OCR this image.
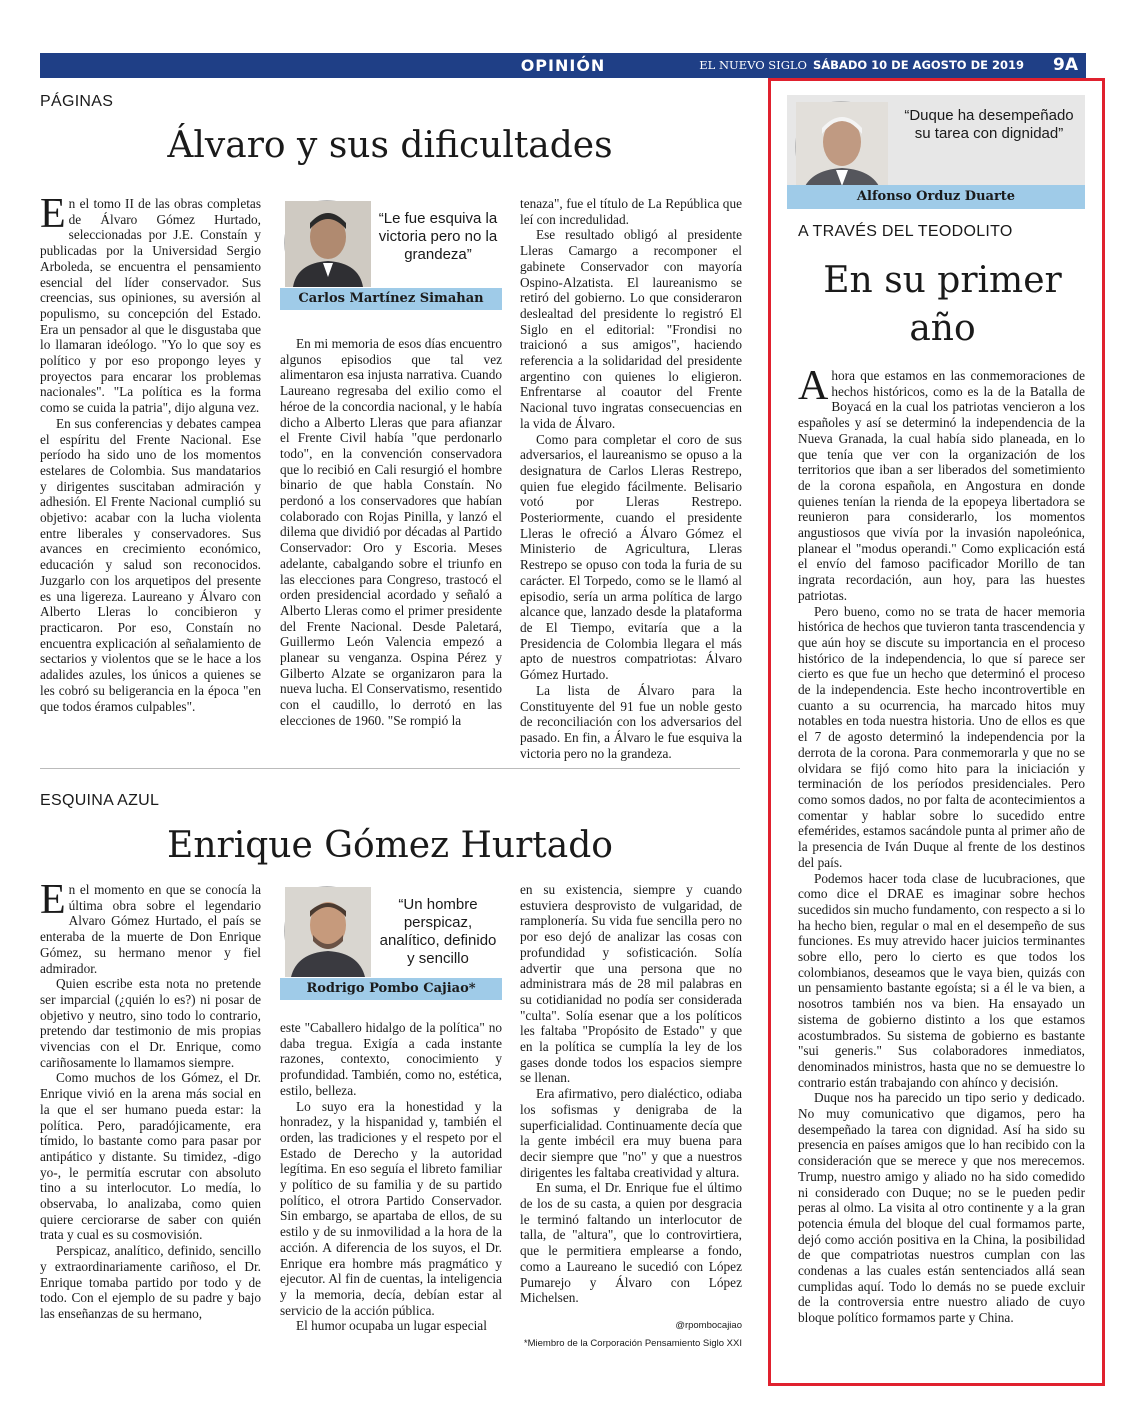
OPINIÓN	EL NUEVO SIGLO SÁBADO 10 DE AGOSTO DE 2019 9A
PÁGINAS
Álvaro y sus dificultades

En el tomo II de las obras completas de Álvaro Gómez Hurtado, seleccionadas por J.E. Constaín y publicadas por la Universidad Sergio Arboleda, se encuentra el pensamiento esencial del líder conservador. Sus creencias, sus opiniones, su aversión al populismo, su concepción del Estado. Era un pensador al que le disgustaba que lo llamaran ideólogo. "Yo lo que soy es político y por eso propongo leyes y proyectos para encarar los problemas nacionales". "La política es la forma como se cuida la patria", dijo alguna vez.

En sus conferencias y debates campea el espíritu del Frente Nacional. Ese período ha sido uno de los momentos estelares de Colombia. Sus mandatarios y dirigentes suscitaban admiración y adhesión. El Frente Nacional cumplió su objetivo: acabar con la lucha violenta entre liberales y conservadores. Sus avances en crecimiento económico, educación y salud son reconocidos. Juzgarlo con los arquetipos del presente es una ligereza. Laureano y Álvaro con Alberto Lleras lo concibieron y practicaron. Por eso, Constaín no encuentra explicación al señalamiento de sectarios y violentos que se le hace a los adalides azules, los únicos a quienes se les cobró su beligerancia en la época "en que todos éramos culpables".

“Le fue esquiva la victoria pero no la grandeza”
Carlos Martínez Simahan

En mi memoria de esos días encuentro algunos episodios que tal vez alimentaron esa injusta narrativa. Cuando Laureano regresaba del exilio como el héroe de la concordia nacional, y le había dicho a Alberto Lleras que para afianzar el Frente Civil había "que perdonarlo todo", en la convención conservadora que lo recibió en Cali resurgió el hombre binario de que habla Constaín. No perdonó a los conservadores que habían colaborado con Rojas Pinilla, y lanzó el dilema que dividió por décadas al Partido Conservador: Oro y Escoria. Meses adelante, cabalgando sobre el triunfo en las elecciones para Congreso, trastocó el orden presidencial acordado y señaló a Alberto Lleras como el primer presidente del Frente Nacional. Desde Paletará, Guillermo León Valencia empezó a planear su venganza. Ospina Pérez y Gilberto Alzate se organizaron para la nueva lucha. El Conservatismo, resentido con el caudillo, lo derrotó en las elecciones de 1960. "Se rompió la

tenaza", fue el título de La República que leí con incredulidad.

Ese resultado obligó al presidente Lleras Camargo a recomponer el gabinete Conservador con mayoría Ospino-Alzatista. El laureanismo se retiró del gobierno. Lo que consideraron deslealtad del presidente lo registró El Siglo en el editorial: "Frondisi no traicionó a sus amigos", haciendo referencia a la solidaridad del presidente argentino con quienes lo eligieron. Enfrentarse al coautor del Frente Nacional tuvo ingratas consecuencias en la vida de Álvaro.

Como para completar el coro de sus adversarios, el laureanismo se opuso a la designatura de Carlos Lleras Restrepo, quien fue elegido fácilmente. Belisario votó por Lleras Restrepo. Posteriormente, cuando el presidente Lleras le ofreció a Álvaro Gómez el Ministerio de Agricultura, Lleras Restrepo se opuso con toda la furia de su carácter. El Torpedo, como se le llamó al episodio, sería un arma política de largo alcance que, lanzado desde la plataforma de El Tiempo, evitaría que a la Presidencia de Colombia llegara el más apto de nuestros compatriotas: Álvaro Gómez Hurtado.

La lista de Álvaro para la Constituyente del 91 fue un noble gesto de reconciliación con los adversarios del pasado. En fin, a Álvaro le fue esquiva la victoria pero no la grandeza.

ESQUINA AZUL
Enrique Gómez Hurtado

En el momento en que se conocía la última obra sobre el legendario Alvaro Gómez Hurtado, el país se enteraba de la muerte de Don Enrique Gómez, su hermano menor y fiel admirador.

Quien escribe esta nota no pretende ser imparcial (¿quién lo es?) ni posar de objetivo y neutro, sino todo lo contrario, pretendo dar testimonio de mis propias vivencias con el Dr. Enrique, como cariñosamente lo llamamos siempre.

Como muchos de los Gómez, el Dr. Enrique vivió en la arena más social en la que el ser humano pueda estar: la política. Pero, paradójicamente, era tímido, lo bastante como para pasar por antipático y distante. Su timidez, -digo yo-, le permitía escrutar con absoluto tino a su interlocutor. Lo medía, lo observaba, lo analizaba, como quien quiere cerciorarse de saber con quién trata y cual es su cosmovisión.

Perspicaz, analítico, definido, sencillo y extraordinariamente cariñoso, el Dr. Enrique tomaba partido por todo y de todo. Con el ejemplo de su padre y bajo las enseñanzas de su hermano,

“Un hombre perspicaz, analítico, definido y sencillo
Rodrigo Pombo Cajiao*

este "Caballero hidalgo de la política" no daba tregua. Exigía a cada instante razones, contexto, conocimiento y profundidad. También, como no, estética, estilo, belleza.

Lo suyo era la honestidad y la honradez, y la hispanidad y, también el orden, las tradiciones y el respeto por el Estado de Derecho y la autoridad legítima. En eso seguía el libreto familiar y político de su familia y de su partido político, el otrora Partido Conservador. Sin embargo, se apartaba de ellos, de su estilo y de su inmovilidad a la hora de la acción. A diferencia de los suyos, el Dr. Enrique era hombre más pragmático y ejecutor. Al fin de cuentas, la inteligencia y la memoria, decía, debían estar al servicio de la acción pública.

El humor ocupaba un lugar especial

en su existencia, siempre y cuando estuviera desprovisto de vulgaridad, de ramplonería. Su vida fue sencilla pero no por eso dejó de analizar las cosas con profundidad y sofisticación. Solía advertir que una persona que no administrara más de 28 mil palabras en su cotidianidad no podía ser considerada "culta". Solía esenar que a los políticos les faltaba "Propósito de Estado" y que en la política se cumplía la ley de los gases donde todos los espacios siempre se llenan.

Era afirmativo, pero dialéctico, odiaba los sofismas y denigraba de la superficialidad. Continuamente decía que la gente imbécil era muy buena para decir siempre que "no" y que a nuestros dirigentes les faltaba creatividad y altura.

En suma, el Dr. Enrique fue el último de los de su casta, a quien por desgracia le terminó faltando un interlocutor de talla, de "altura", que lo controvirtiera, que le permitiera emplearse a fondo, como a Laureano le sucedió con López Pumarejo y Álvaro con López Michelsen.

@rpombocajiao
*Miembro de la Corporación Pensamiento Siglo XXI
“Duque ha desempeñado su tarea con dignidad”
Alfonso Orduz Duarte
A TRAVÉS DEL TEODOLITO
En su primer año

Ahora que estamos en las conmemoraciones de hechos históricos, como es la de la Batalla de Boyacá en la cual los patriotas vencieron a los españoles y así se determinó la independencia de la Nueva Granada, la cual había sido planeada, en lo que tenía que ver con la organización de los territorios que iban a ser liberados del sometimiento de la corona española, en Angostura en donde quienes tenían la rienda de la epopeya libertadora se reunieron para considerarlo, los momentos angustiosos que vivía por la invasión napoleónica, planear el "modus operandi." Como explicación está el envío del famoso pacificador Morillo de tan ingrata recordación, aun hoy, para las huestes patriotas.

Pero bueno, como no se trata de hacer memoria histórica de hechos que tuvieron tanta trascendencia y que aún hoy se discute su importancia en el proceso histórico de la independencia, lo que sí parece ser cierto es que fue un hecho que determinó el proceso de la independencia. Este hecho incontrovertible en cuanto a su ocurrencia, ha marcado hitos muy notables en toda nuestra historia. Uno de ellos es que el 7 de agosto determinó la independencia por la derrota de la corona. Para conmemorarla y que no se olvidara se fijó como hito para la iniciación y terminación de los períodos presidenciales. Pero como somos dados, no por falta de acontecimientos a comentar y hablar sobre lo sucedido entre efemérides, estamos sacándole punta al primer año de la presencia de Iván Duque al frente de los destinos del país.

Podemos hacer toda clase de lucubraciones, que como dice el DRAE es imaginar sobre hechos sucedidos sin mucho fundamento, con respecto a si lo ha hecho bien, regular o mal en el desempeño de sus funciones. Es muy atrevido hacer juicios terminantes sobre ello, pero lo cierto es que todos los colombianos, deseamos que le vaya bien, quizás con un pensamiento bastante egoísta; si a él le va bien, a nosotros también nos va bien. Ha ensayado un sistema de gobierno distinto a los que estamos acostumbrados. Su sistema de gobierno es bastante "sui generis." Sus colaboradores inmediatos, denominados ministros, hasta que no se demuestre lo contrario están trabajando con ahínco y decisión.

Duque nos ha parecido un tipo serio y dedicado. No muy comunicativo que digamos, pero ha desempeñado la tarea con dignidad. Así ha sido su presencia en países amigos que lo han recibido con la consideración que se merece y que nos merecemos. Trump, nuestro amigo y aliado no ha sido comedido ni considerado con Duque; no se le pueden pedir peras al olmo. La visita al otro continente y a la gran potencia émula del bloque del cual formamos parte, dejó como acción positiva en la China, la posibilidad de que compatriotas nuestros cumplan con las condenas a las cuales están sentenciados allá sean cumplidas aquí. Todo lo demás no se puede excluir de la controversia entre nuestro aliado de cuyo bloque político formamos parte y China.
